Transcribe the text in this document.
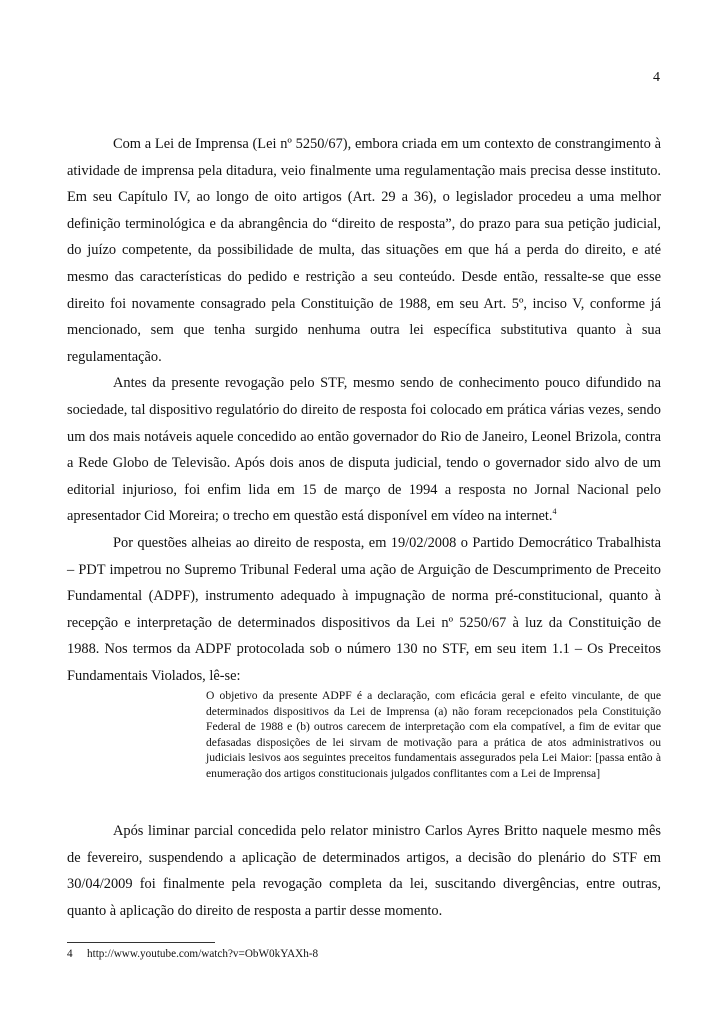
4

Com a Lei de Imprensa (Lei nº 5250/67), embora criada em um contexto de constrangimento à atividade de imprensa pela ditadura, veio finalmente uma regulamentação mais precisa desse instituto. Em seu Capítulo IV, ao longo de oito artigos (Art. 29 a 36), o legislador procedeu a uma melhor definição terminológica e da abrangência do “direito de resposta”, do prazo para sua petição judicial, do juízo competente, da possibilidade de multa, das situações em que há a perda do direito, e até mesmo das características do pedido e restrição a seu conteúdo. Desde então, ressalte-se que esse direito foi novamente consagrado pela Constituição de 1988, em seu Art. 5º, inciso V, conforme já mencionado, sem que tenha surgido nenhuma outra lei específica substitutiva quanto à sua regulamentação.

Antes da presente revogação pelo STF, mesmo sendo de conhecimento pouco difundido na sociedade, tal dispositivo regulatório do direito de resposta foi colocado em prática várias vezes, sendo um dos mais notáveis aquele concedido ao então governador do Rio de Janeiro, Leonel Brizola, contra a Rede Globo de Televisão. Após dois anos de disputa judicial, tendo o governador sido alvo de um editorial injurioso, foi enfim lida em 15 de março de 1994 a resposta no Jornal Nacional pelo apresentador Cid Moreira; o trecho em questão está disponível em vídeo na internet.$^4$

Por questões alheias ao direito de resposta, em 19/02/2008 o Partido Democrático Trabalhista – PDT impetrou no Supremo Tribunal Federal uma ação de Arguição de Descumprimento de Preceito Fundamental (ADPF), instrumento adequado à impugnação de norma pré-constitucional, quanto à recepção e interpretação de determinados dispositivos da Lei nº 5250/67 à luz da Constituição de 1988. Nos termos da ADPF protocolada sob o número 130 no STF, em seu item 1.1 – Os Preceitos Fundamentais Violados, lê-se:

O objetivo da presente ADPF é a declaração, com eficácia geral e efeito vinculante, de que determinados dispositivos da Lei de Imprensa (a) não foram recepcionados pela Constituição Federal de 1988 e (b) outros carecem de interpretação com ela compatível, a fim de evitar que defasadas disposições de lei sirvam de motivação para a prática de atos administrativos ou judiciais lesivos aos seguintes preceitos fundamentais assegurados pela Lei Maior: [passa então à enumeração dos artigos constitucionais julgados conflitantes com a Lei de Imprensa]

Após liminar parcial concedida pelo relator ministro Carlos Ayres Britto naquele mesmo mês de fevereiro, suspendendo a aplicação de determinados artigos, a decisão do plenário do STF em 30/04/2009 foi finalmente pela revogação completa da lei, suscitando divergências, entre outras, quanto à aplicação do direito de resposta a partir desse momento.

4 http://www.youtube.com/watch?v=ObW0kYAXh-8
